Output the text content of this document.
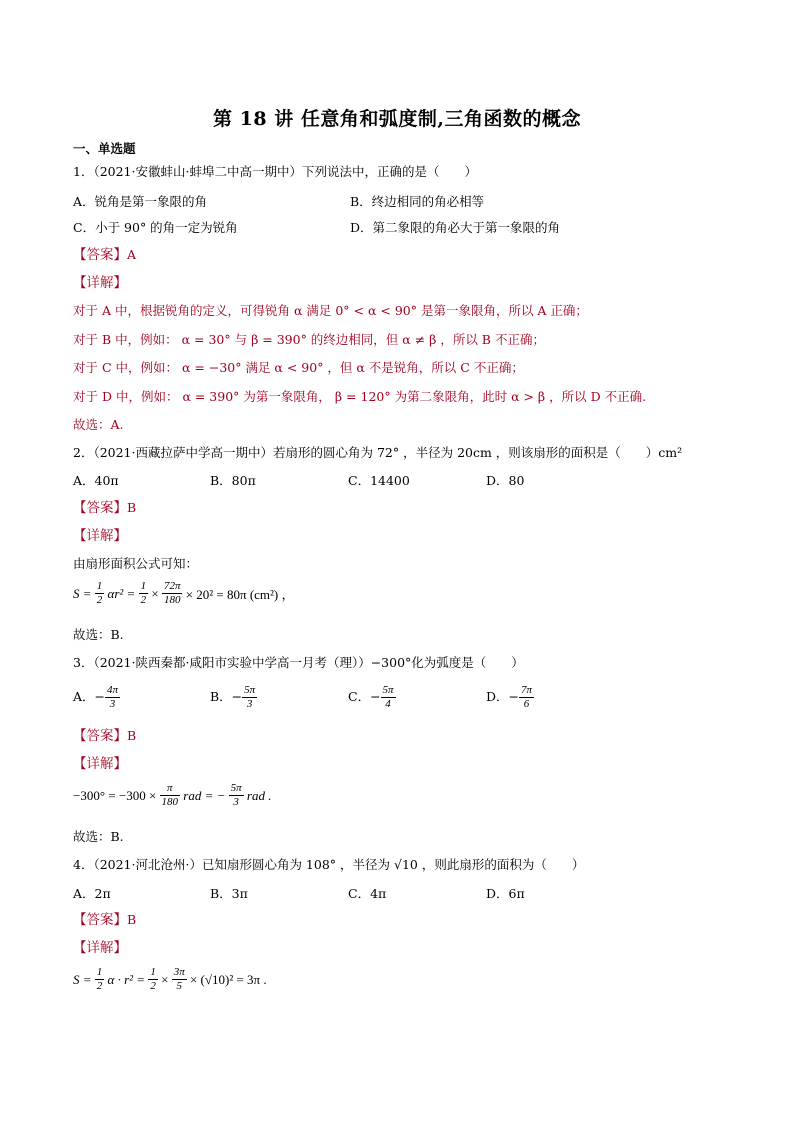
第 18 讲 任意角和弧度制,三角函数的概念
一、单选题
1．（2021·安徽蚌山·蚌埠二中高一期中）下列说法中，正确的是（　　）
A．锐角是第一象限的角	B．终边相同的角必相等
C．小于 90° 的角一定为锐角	D．第二象限的角必大于第一象限的角
【答案】A
【详解】
对于 A 中，根据锐角的定义，可得锐角 α 满足 0° < α < 90° 是第一象限角，所以 A 正确；
对于 B 中，例如： α = 30° 与 β = 390° 的终边相同，但 α ≠ β ，所以 B 不正确；
对于 C 中，例如： α = −30° 满足 α < 90° ，但 α 不是锐角，所以 C 不正确；
对于 D 中，例如： α = 390° 为第一象限角， β = 120° 为第二象限角，此时 α > β ，所以 D 不正确.
故选：A.
2．（2021·西藏拉萨中学高一期中）若扇形的圆心角为 72° ，半径为 20cm ，则该扇形的面积是（　　）cm²
A．40π	B．80π	C．14400	D．80
【答案】B
【详解】
由扇形面积公式可知：
$S = \frac{1}{2} \alpha r^2 = \frac{1}{2} \times \frac{72\pi}{180} \times 20^2 = 80\pi$ (cm²) ，
故选：B.
3．（2021·陕西秦都·咸阳市实验中学高一月考（理））−300°化为弧度是（　　）
A．− $\frac{4\pi}{3}$	B．− $\frac{5\pi}{3}$	C．− $\frac{5\pi}{4}$	D．− $\frac{7\pi}{6}$
【答案】B
【详解】
$-300^\circ = -300 \times \frac{\pi}{180}$ rad = − $\frac{5\pi}{3}$ rad .
故选：B.
4．（2021·河北沧州·）已知扇形圆心角为 108° ，半径为 √10 ，则此扇形的面积为（　　）
A．2π	B．3π	C．4π	D．6π
【答案】B
【详解】
$S = \frac{1}{2}$ $\alpha \cdot r^2 = \frac{1}{2} \times \frac{3\pi}{5} \times (√10)^2 = 3\pi$ .
